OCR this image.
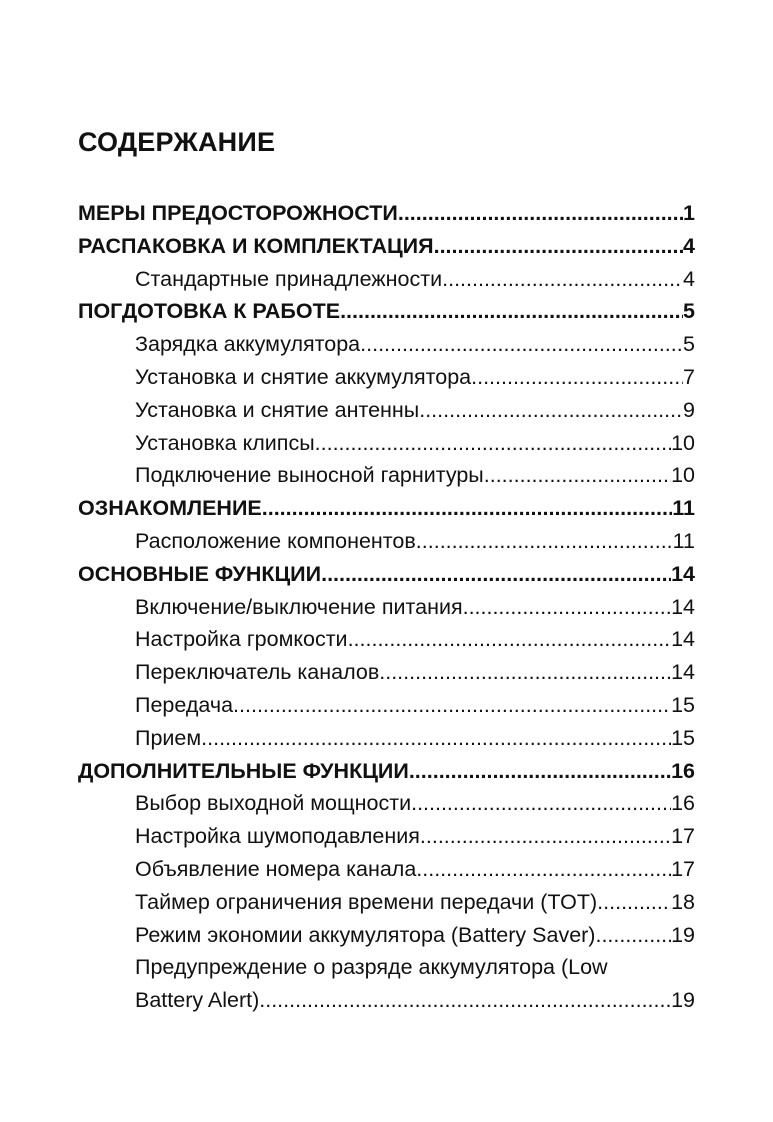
СОДЕРЖАНИЕ
МЕРЫ ПРЕДОСТОРОЖНОСТИ .....	1
РАСПАКОВКА И КОМПЛЕКТАЦИЯ .....	4
Стандартные принадлежности .....	4
ПОГДОТОВКА К РАБОТЕ .....	5
Зарядка аккумулятора .....	5
Установка и снятие аккумулятора .....	7
Установка и снятие антенны .....	9
Установка клипсы .....	10
Подключение выносной гарнитуры .....	10
ОЗНАКОМЛЕНИЕ .....	11
Расположение компонентов .....	11
ОСНОВНЫЕ ФУНКЦИИ .....	14
Включение/выключение питания .....	14
Настройка громкости .....	14
Переключатель каналов .....	14
Передача .....	15
Прием .....	15
ДОПОЛНИТЕЛЬНЫЕ ФУНКЦИИ .....	16
Выбор выходной мощности .....	16
Настройка шумоподавления .....	17
Объявление номера канала .....	17
Таймер ограничения времени передачи (TOT) .....	18
Режим экономии аккумулятора (Battery Saver) .....	19
Предупреждение о разряде аккумулятора (Low
Battery Alert) .....	19
